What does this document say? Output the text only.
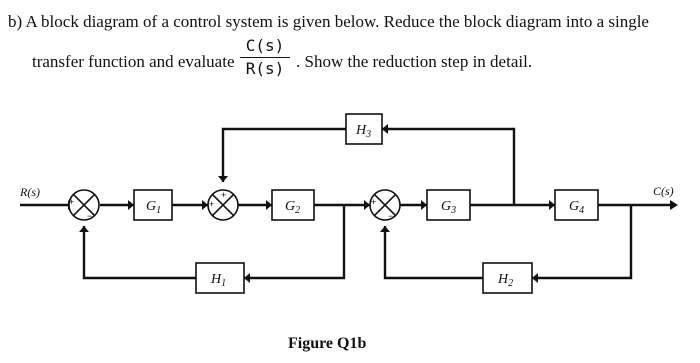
b) A block diagram of a control system is given below. Reduce the block diagram into a single
transfer function and evaluate
C(s)
R(s) . Show the reduction step in detail.
+
−
+
+
+
−
$G_1$	$G_2$	$G_3$	$G_4$
$H_1$	$H_2$
$H_3$
R(s)	C(s)
Figure Q1b
